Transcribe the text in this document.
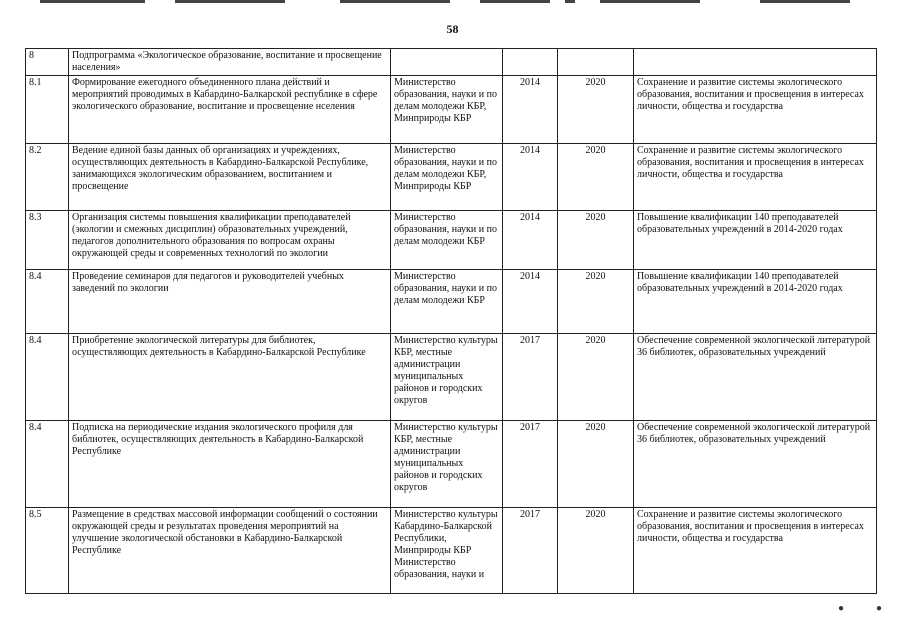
58
8	Подпрограмма «Экологическое образование, воспитание и просвещение населения»				
8.1	Формирование ежегодного объединенного плана действий и мероприятий проводимых в Кабардино-Балкарской республике в сфере экологического образование, воспитание и просвещение нселения	Министерство образования, науки и по делам молодежи КБР, Минприроды КБР	2014	2020	Сохранение и развитие системы экологического образования, воспитания и просвещения в интересах личности, общества и государства
8.2	Ведение единой базы данных об организациях и учреждениях, осуществляющих деятельность в Кабардино-Балкарской Республике, занимающихся экологическим образованием, воспитанием и просвещение	Министерство образования, науки и по делам молодежи КБР, Минприроды КБР	2014	2020	Сохранение и развитие системы экологического образования, воспитания и просвещения в интересах личности, общества и государства
8.3	Организация системы повышения квалификации преподавателей (экологии и смежных дисциплин) образовательных учреждений, педагогов дополнительного образования по вопросам охраны окружающей среды и современных технологий по экологии	Министерство образования, науки и по делам молодежи КБР	2014	2020	Повышение квалификации 140 преподавателей образовательных учреждений в 2014-2020 годах
8.4	Проведение семинаров для педагогов и руководителей учебных заведений по экологии	Министерство образования, науки и по делам молодежи КБР	2014	2020	Повышение квалификации 140 преподавателей образовательных учреждений в 2014-2020 годах
8.4	Приобретение экологической литературы для библиотек, осуществляющих деятельность в Кабардино-Балкарской Республике	Министерство культуры КБР, местные администрации муниципальных районов и городских округов	2017	2020	Обеспечение современной экологической литературой 36 библиотек, образовательных учреждений
8.4	Подписка на периодические издания экологического профиля для библиотек, осуществляющих деятельность в Кабардино-Балкарской Республике	Министерство культуры КБР, местные администрации муниципальных районов и городских округов	2017	2020	Обеспечение современной экологической литературой 36 библиотек, образовательных учреждений
8.5	Размещение в средствах массовой информации сообщений о состоянии окружающей среды и результатах проведения мероприятий на улучшение экологической обстановки в Кабардино-Балкарской Республике	Министерство культуры Кабардино-Балкарской Республики, Минприроды КБР Министерство образования, науки и	2017	2020	Сохранение и развитие системы экологического образования, воспитания и просвещения в интересах личности, общества и государства
●	●
